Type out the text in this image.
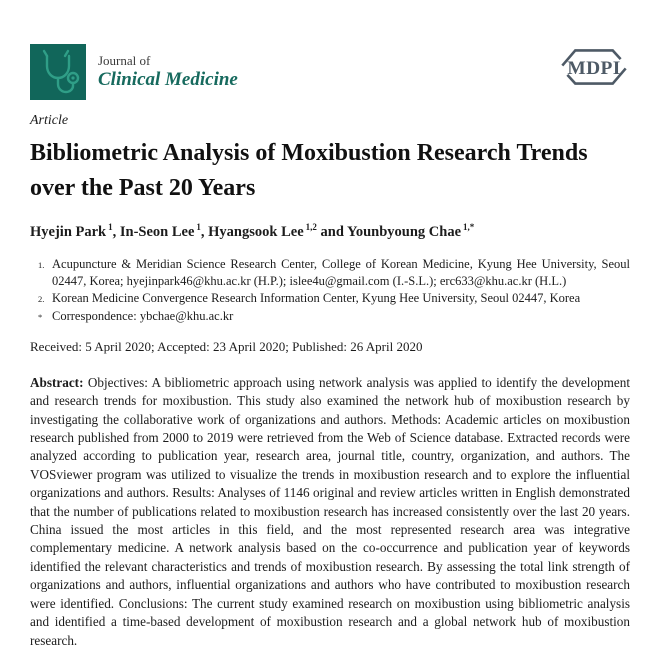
Journal of
Clinical Medicine
MDPI
Article
Bibliometric Analysis of Moxibustion Research Trends over the Past 20 Years
Hyejin Park $^1$, In-Seon Lee $^1$, Hyangsook Lee $^{1,2}$ and Younbyoung Chae $^{1,*}$
1. Acupuncture & Meridian Science Research Center, College of Korean Medicine, Kyung Hee University, Seoul 02447, Korea; hyejinpark46@khu.ac.kr (H.P.); islee4u@gmail.com (I.-S.L.); erc633@khu.ac.kr (H.L.)
2. Korean Medicine Convergence Research Information Center, Kyung Hee University, Seoul 02447, Korea
* Correspondence: ybchae@khu.ac.kr
Received: 5 April 2020; Accepted: 23 April 2020; Published: 26 April 2020
Abstract: Objectives: A bibliometric approach using network analysis was applied to identify the development and research trends for moxibustion. This study also examined the network hub of moxibustion research by investigating the collaborative work of organizations and authors. Methods: Academic articles on moxibustion research published from 2000 to 2019 were retrieved from the Web of Science database. Extracted records were analyzed according to publication year, research area, journal title, country, organization, and authors. The VOSviewer program was utilized to visualize the trends in moxibustion research and to explore the influential organizations and authors. Results: Analyses of 1146 original and review articles written in English demonstrated that the number of publications related to moxibustion research has increased consistently over the last 20 years. China issued the most articles in this field, and the most represented research area was integrative complementary medicine. A network analysis based on the co-occurrence and publication year of keywords identified the relevant characteristics and trends of moxibustion research. By assessing the total link strength of organizations and authors, influential organizations and authors who have contributed to moxibustion research were identified. Conclusions: The current study examined research on moxibustion using bibliometric analysis and identified a time-based development of moxibustion research and a global network hub of moxibustion research.
